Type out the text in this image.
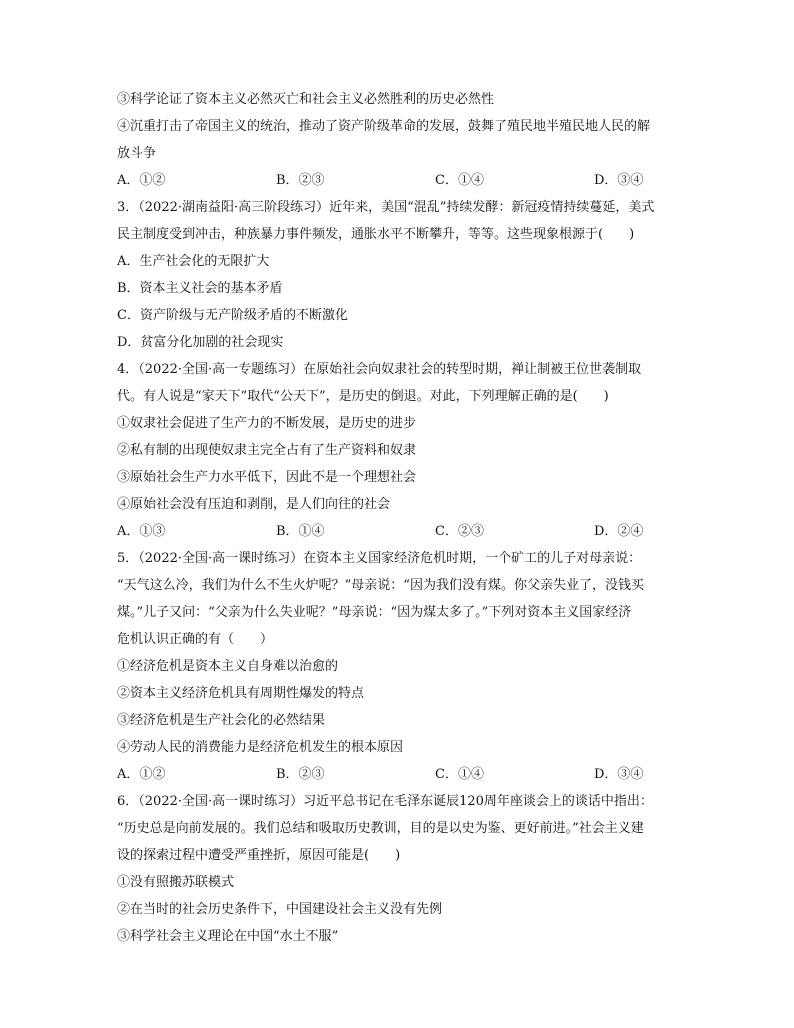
③科学论证了资本主义必然灭亡和社会主义必然胜利的历史必然性
④沉重打击了帝国主义的统治，推动了资产阶级革命的发展，鼓舞了殖民地半殖民地人民的解
放斗争
A．①②	B．②③	C．①④	D．③④
3．（2022·湖南益阳·高三阶段练习）近年来，美国“混乱”持续发酵：新冠疫情持续蔓延，美式
民主制度受到冲击，种族暴力事件频发，通胀水平不断攀升，等等。这些现象根源于(　　)
A．生产社会化的无限扩大
B．资本主义社会的基本矛盾
C．资产阶级与无产阶级矛盾的不断激化
D．贫富分化加剧的社会现实
4．（2022·全国·高一专题练习）在原始社会向奴隶社会的转型时期，禅让制被王位世袭制取
代。有人说是“家天下”取代“公天下”，是历史的倒退。对此，下列理解正确的是(　　)
①奴隶社会促进了生产力的不断发展，是历史的进步
②私有制的出现使奴隶主完全占有了生产资料和奴隶
③原始社会生产力水平低下，因此不是一个理想社会
④原始社会没有压迫和剥削，是人们向往的社会
A．①③	B．①④	C．②③	D．②④
5．（2022·全国·高一课时练习）在资本主义国家经济危机时期，一个矿工的儿子对母亲说：
“天气这么冷，我们为什么不生火炉呢？”母亲说：“因为我们没有煤。你父亲失业了，没钱买
煤。”儿子又问：“父亲为什么失业呢？”母亲说：“因为煤太多了。”下列对资本主义国家经济
危机认识正确的有（　　）
①经济危机是资本主义自身难以治愈的
②资本主义经济危机具有周期性爆发的特点
③经济危机是生产社会化的必然结果
④劳动人民的消费能力是经济危机发生的根本原因
A．①②	B．②③	C．①④	D．③④
6．（2022·全国·高一课时练习）习近平总书记在毛泽东诞辰120周年座谈会上的谈话中指出：
“历史总是向前发展的。我们总结和吸取历史教训，目的是以史为鉴、更好前进。”社会主义建
设的探索过程中遭受严重挫折，原因可能是(　　)
①没有照搬苏联模式
②在当时的社会历史条件下，中国建设社会主义没有先例
③科学社会主义理论在中国“水土不服”
